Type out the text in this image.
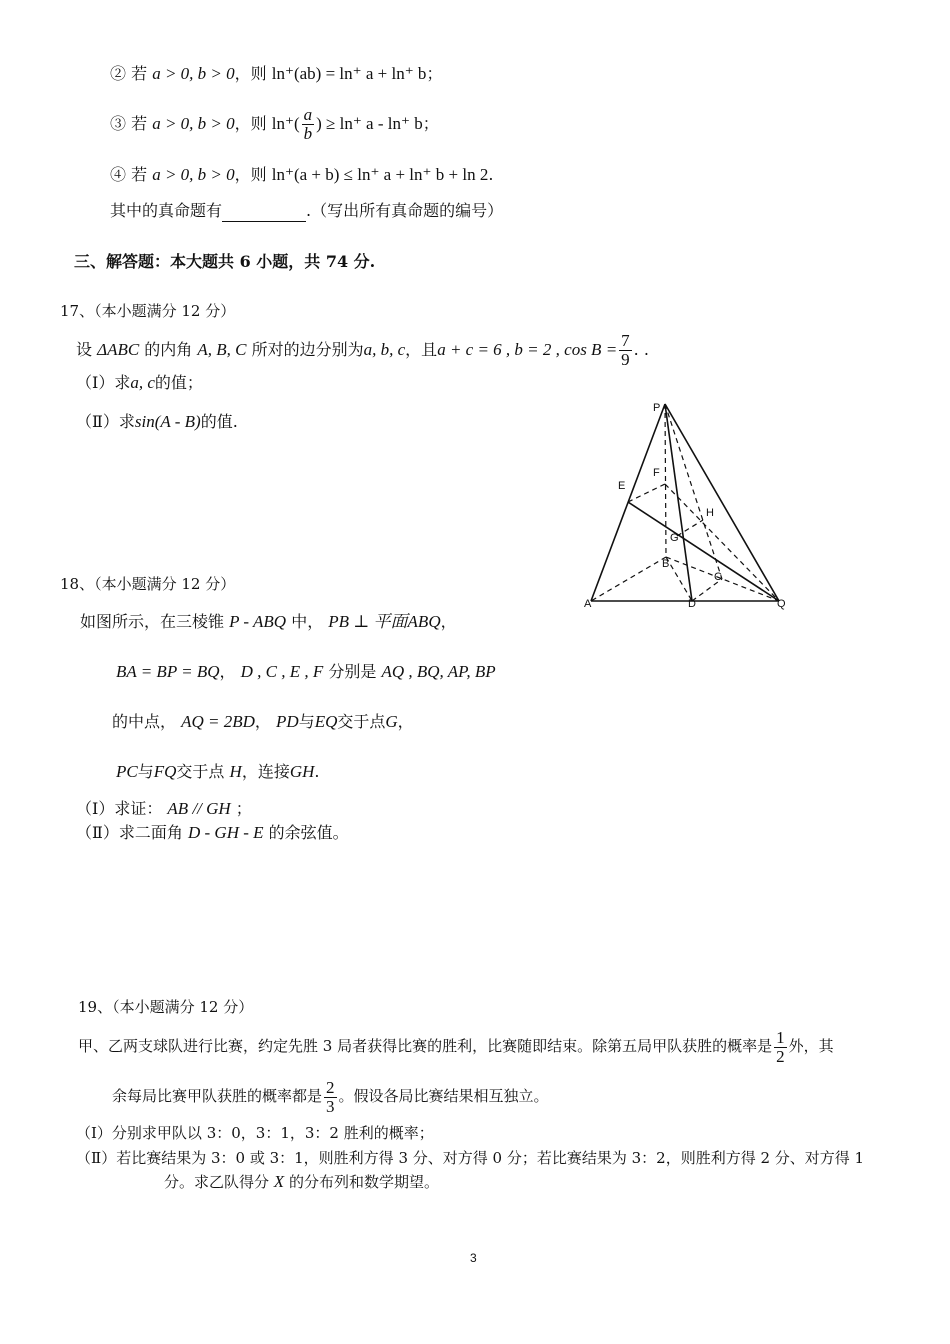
② 若 a > 0, b > 0，则 ln⁺(ab) = ln⁺ a + ln⁺ b；
③ 若 a > 0, b > 0，则 $\ln^+( \frac{a}{b}$ ) ≥ ln⁺ a - ln⁺ b；
④ 若 a > 0, b > 0，则 ln⁺(a + b) ≤ ln⁺ a + ln⁺ b + ln 2.
其中的真命题有	.（写出所有真命题的编号）
三、解答题：本大题共 6 小题，共 74 分.
17、（本小题满分 12 分）
设 ΔABC 的内角 A, B, C 所对的边分别为a, b, c，且a + c = 6 , b = 2 , $\cos B = \frac{7}{9}$ . .
（Ⅰ）求a, c的值；
（Ⅱ）求sin(A - B)的值.
P
F
E
H
G
B
C
A	D	Q
18、（本小题满分 12 分）
如图所示，在三棱锥 P - ABQ 中， PB ⊥ 平面ABQ，
BA = BP = BQ， D , C , E , F 分别是 AQ , BQ, AP, BP
的中点， AQ = 2BD， PD与EQ交于点G，
PC与FQ交于点 H，连接GH.
（Ⅰ）求证： AB // GH ；
（Ⅱ）求二面角 D - GH - E 的余弦值。
19、（本小题满分 12 分）
甲、乙两支球队进行比赛，约定先胜 3 局者获得比赛的胜利，比赛随即结束。除第五局甲队获胜的概率是 $\frac{1}{2}$ 外，其
余每局比赛甲队获胜的概率都是 $\frac{2}{3}$ 。假设各局比赛结果相互独立。
（Ⅰ）分别求甲队以 3：0，3：1，3：2 胜利的概率；
（Ⅱ）若比赛结果为 3：0 或 3：1，则胜利方得 3 分、对方得 0 分；若比赛结果为 3：2，则胜利方得 2 分、对方得 1
分。求乙队得分 X 的分布列和数学期望。
3
